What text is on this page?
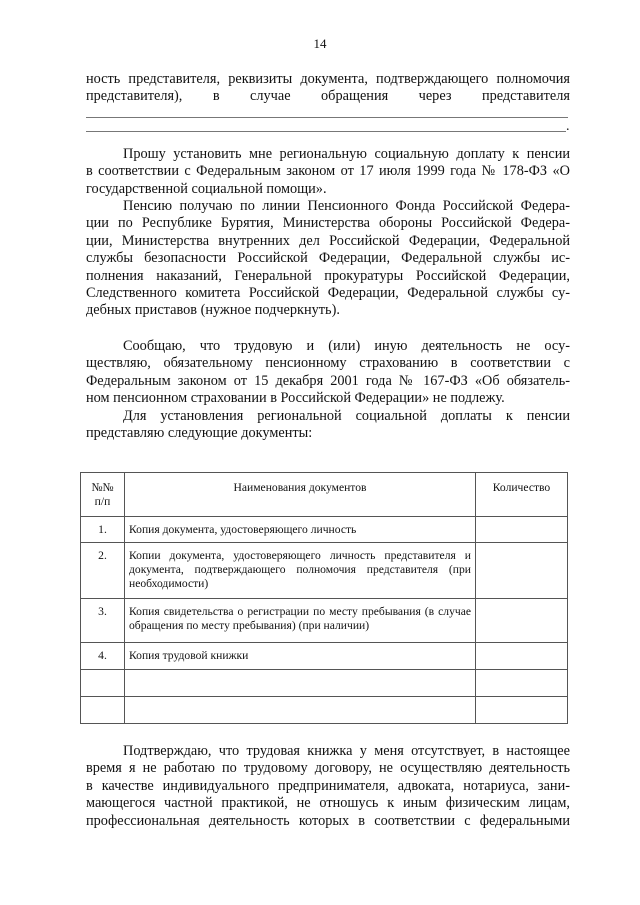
14
ность представителя, реквизиты документа, подтверждающего полномочия
представителя), в случае обращения через представителя
.
Прошу установить мне региональную социальную доплату к пенсии
в соответствии с Федеральным законом от 17 июля 1999 года № 178-ФЗ «О
государственной социальной помощи».
Пенсию получаю по линии Пенсионного Фонда Российской Федера-
ции по Республике Бурятия, Министерства обороны Российской Федера-
ции, Министерства внутренних дел Российской Федерации, Федеральной
службы безопасности Российской Федерации, Федеральной службы ис-
полнения наказаний, Генеральной прокуратуры Российской Федерации,
Следственного комитета Российской Федерации, Федеральной службы су-
дебных приставов (нужное подчеркнуть).
Сообщаю, что трудовую и (или) иную деятельность не осу-
ществляю, обязательному пенсионному страхованию в соответствии с
Федеральным законом от 15 декабря 2001 года № 167-ФЗ «Об обязатель-
ном пенсионном страховании в Российской Федерации» не подлежу.
Для установления региональной социальной доплаты к пенсии
представляю следующие документы:
№№
п/п	Наименования документов	Количество
1.	Копия документа, удостоверяющего личность	
2.	Копии документа, удостоверяющего личность представителя и документа, подтверждающего полномочия представителя (при необходимости)	
3.	Копия свидетельства о регистрации по месту пребывания (в случае обращения по месту пребывания) (при наличии)	
4.	Копия трудовой книжки	

Подтверждаю, что трудовая книжка у меня отсутствует, в настоящее
время я не работаю по трудовому договору, не осуществляю деятельность
в качестве индивидуального предпринимателя, адвоката, нотариуса, зани-
мающегося частной практикой, не отношусь к иным физическим лицам,
профессиональная деятельность которых в соответствии с федеральными
